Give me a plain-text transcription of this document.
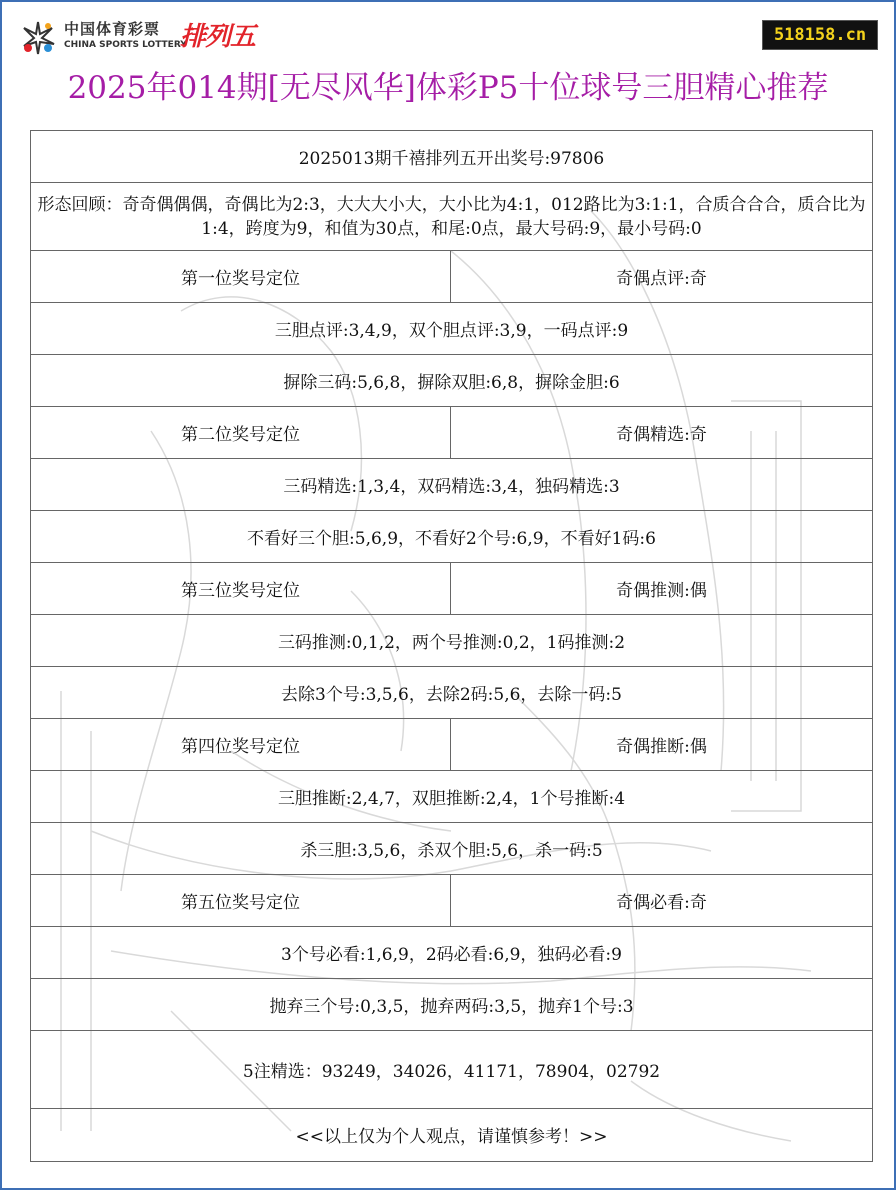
中国体育彩票
CHINA SPORTS LOTTERY
排列五	518158.cn
2025年014期[无尽风华]体彩P5十位球号三胆精心推荐
2025013期千禧排列五开出奖号:97806
形态回顾：奇奇偶偶偶，奇偶比为2:3，大大大小大，大小比为4:1，012路比为3:1:1，合质合合合，质合比为1:4，跨度为9，和值为30点，和尾:0点，最大号码:9，最小号码:0
第一位奖号定位	奇偶点评:奇
三胆点评:3,4,9，双个胆点评:3,9，一码点评:9
摒除三码:5,6,8，摒除双胆:6,8，摒除金胆:6
第二位奖号定位	奇偶精选:奇
三码精选:1,3,4，双码精选:3,4，独码精选:3
不看好三个胆:5,6,9，不看好2个号:6,9，不看好1码:6
第三位奖号定位	奇偶推测:偶
三码推测:0,1,2，两个号推测:0,2，1码推测:2
去除3个号:3,5,6，去除2码:5,6，去除一码:5
第四位奖号定位	奇偶推断:偶
三胆推断:2,4,7，双胆推断:2,4，1个号推断:4
杀三胆:3,5,6，杀双个胆:5,6，杀一码:5
第五位奖号定位	奇偶必看:奇
3个号必看:1,6,9，2码必看:6,9，独码必看:9
抛弃三个号:0,3,5，抛弃两码:3,5，抛弃1个号:3
5注精选：93249，34026，41171，78904，02792
<<以上仅为个人观点，请谨慎参考！>>
